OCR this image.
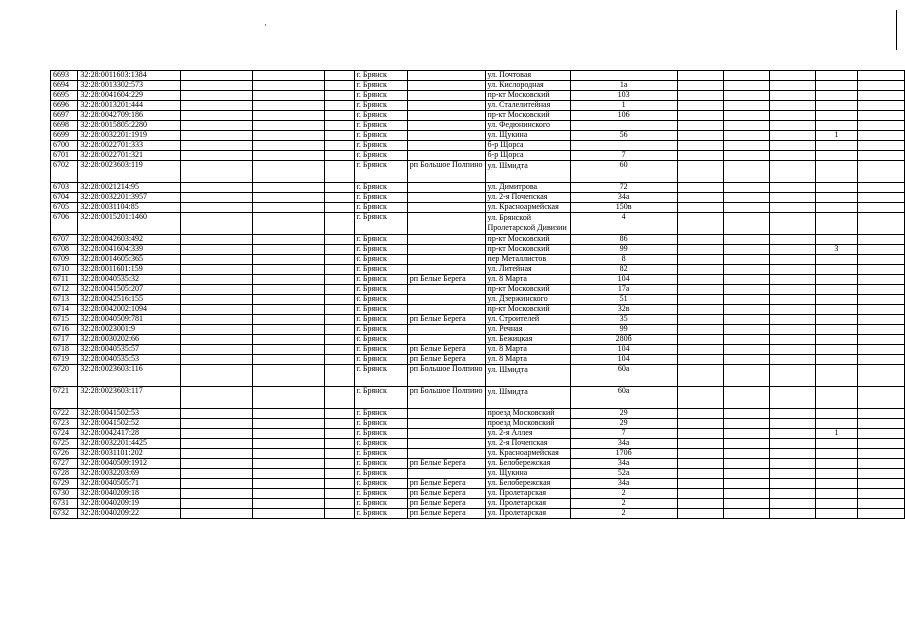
6693	32:28:0011603:1384				г. Брянск		ул. Почтовая						
6694	32:28:0013302:573				г. Брянск		ул. Кислородная	1а					
6695	32:28:0041604:229				г. Брянск		пр-кт Московский	103					
6696	32:28:0013201:444				г. Брянск		ул. Сталелитейная	1					
6697	32:28:0042709:186				г. Брянск		пр-кт Московский	106					
6698	32:28:0015805:2280				г. Брянск		ул. Федюнинского						
6699	32:28:0032201:1919				г. Брянск		ул. Щукина	56				1	
6700	32:28:0022701:333				г. Брянск		б-р Щорса						
6701	32:28:0022701:321				г. Брянск		б-р Щорса	7					
6702	32:28:0023603:119				г. Брянск	рп Большое Полпино	ул. Шмидта	60					
6703	32:28:0021214:95				г. Брянск		ул. Димитрова	72					
6704	32:28:0032201:3957				г. Брянск		ул. 2-я Почепская	34а					
6705	32:28:0031104:85				г. Брянск		ул. Красноармейская	150в					
6706	32:28:0015201:1460				г. Брянск		ул. Брянской Пролетарской Дивизии	4					
6707	32:28:0042603:492				г. Брянск		пр-кт Московский	86					
6708	32:28:0041604:339				г. Брянск		пр-кт Московский	99				3	
6709	32:28:0014605:365				г. Брянск		пер Металлистов	8					
6710	32:28:0011601:159				г. Брянск		ул. Литейная	82					
6711	32:28:0040535:32				г. Брянск	рп Белые Берега	ул. 8 Марта	104					
6712	32:28:0041505:207				г. Брянск		пр-кт Московский	17а					
6713	32:28:0042516:155				г. Брянск		ул. Дзержинского	51					
6714	32:28:0042002:1094				г. Брянск		пр-кт Московский	32в					
6715	32:28:0040509:781				г. Брянск	рп Белые Берега	ул. Строителей	35					
6716	32:28:0023001:9				г. Брянск		ул. Речная	99					
6717	32:28:0030202:66				г. Брянск		ул. Бежицкая	280б					
6718	32:28:0040535:57				г. Брянск	рп Белые Берега	ул. 8 Марта	104					
6719	32:28:0040535:53				г. Брянск	рп Белые Берега	ул. 8 Марта	104					
6720	32:28:0023603:116				г. Брянск	рп Большое Полпино	ул. Шмидта	60а					
6721	32:28:0023603:117				г. Брянск	рп Большое Полпино	ул. Шмидта	60а					
6722	32:28:0041502:53				г. Брянск		проезд Московский	29					
6723	32:28:0041502:52				г. Брянск		проезд Московский	29					
6724	32:28:0042417:28				г. Брянск		ул. 2-я Аллея	7				1	
6725	32:28:0032201:4425				г. Брянск		ул. 2-я Почепская	34а					
6726	32:28:0031101:202				г. Брянск		ул. Красноармейская	170б					
6727	32:28:0040509:1912				г. Брянск	рп Белые Берега	ул. Белобережская	34а					
6728	32:28:0032203:69				г. Брянск		ул. Щукина	52а					
6729	32:28:0040505:71				г. Брянск	рп Белые Берега	ул. Белобережская	34а					
6730	32:28:0040209:18				г. Брянск	рп Белые Берега	ул. Пролетарская	2					
6731	32:28:0040209:19				г. Брянск	рп Белые Берега	ул. Пролетарская	2					
6732	32:28:0040209:22				г. Брянск	рп Белые Берега	ул. Пролетарская	2					
